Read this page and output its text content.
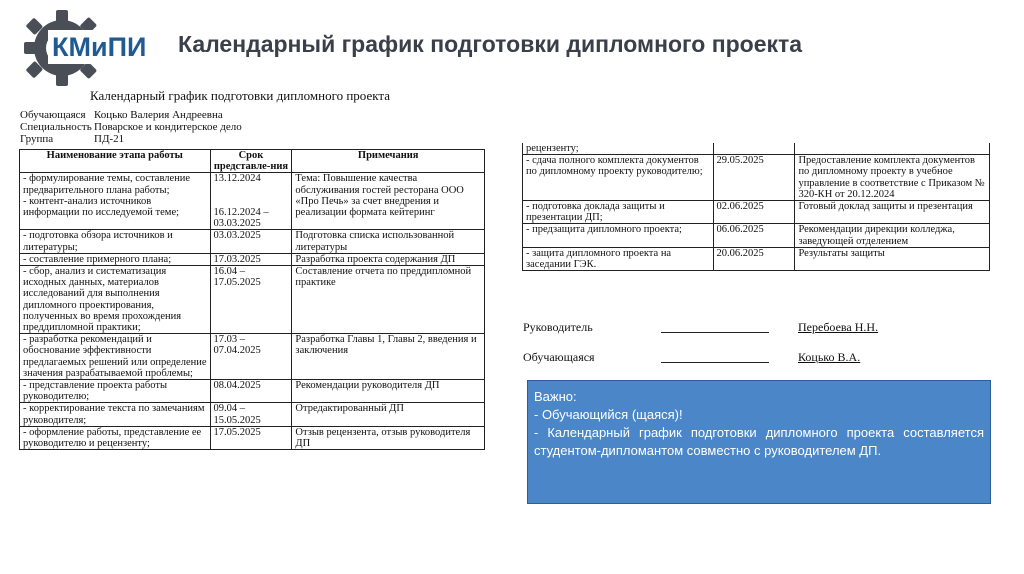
КМиПИ Календарный график подготовки дипломного проекта
Календарный график подготовки дипломного проекта
Обучающаяся Коцько Валерия Андреевна
Специальность Поварское и кондитерское дело
Группа	ПД-21
Наименование этапа работы	Срок представле-ния	Примечания
- формулирование темы, составление предварительного плана работы;
- контент-анализ источников информации по исследуемой теме;	13.12.2024

16.12.2024 –
03.03.2025	Тема: Повышение качества обслуживания гостей ресторана ООО «Про Печь» за счет внедрения и реализации формата кейтеринг
- подготовка обзора источников и литературы;	03.03.2025	Подготовка списка использованной литературы
- составление примерного плана;	17.03.2025	Разработка проекта содержания ДП
- сбор, анализ и систематизация исходных данных, материалов исследований для выполнения дипломного проектирования, полученных во время прохождения преддипломной практики;	16.04 –
17.05.2025	Составление отчета по преддипломной практике
- разработка рекомендаций и обоснование эффективности предлагаемых решений или определение значения разрабатываемой проблемы;	17.03 –
07.04.2025	Разработка Главы 1, Главы 2, введения и заключения
- представление проекта работы руководителю;	08.04.2025	Рекомендации руководителя ДП
- корректирование текста по замечаниям руководителя;	09.04 –
15.05.2025	Отредактированный ДП
- оформление работы, представление ее руководителю и рецензенту;	17.05.2025	Отзыв рецензента, отзыв руководителя ДП
рецензенту;		
- сдача полного комплекта документов по дипломному проекту руководителю;	29.05.2025	Предоставление комплекта документов по дипломному проекту в учебное управление в соответствие с Приказом № 320-КН от 20.12.2024
- подготовка доклада защиты и презентации ДП;	02.06.2025	Готовый доклад защиты и презентация
- предзащита дипломного проекта;	06.06.2025	Рекомендации дирекции колледжа, заведующей отделением
- защита дипломного проекта на заседании ГЭК.	20.06.2025	Результаты защиты
Руководитель	Перебоева Н.Н.
Обучающаяся	Коцько В.А.

Важно:

- Обучающийся (щаяся)!

- Календарный график подготовки дипломного проекта составляется студентом-дипломантом совместно с руководителем ДП.
